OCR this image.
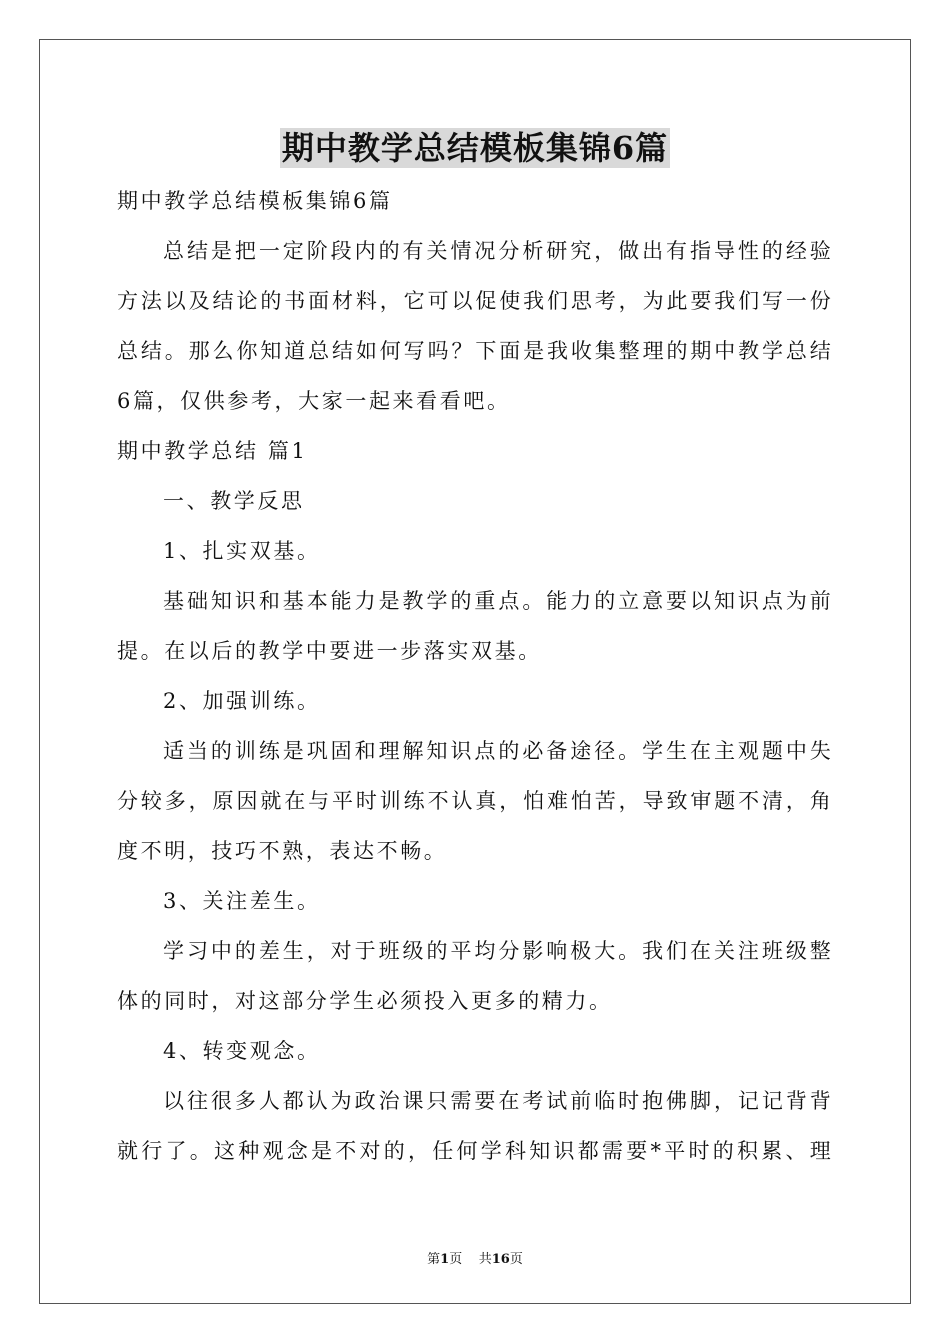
期中教学总结模板集锦6篇
期中教学总结模板集锦6篇
总结是把一定阶段内的有关情况分析研究，做出有指导性的经验
方法以及结论的书面材料，它可以促使我们思考，为此要我们写一份
总结。那么你知道总结如何写吗？下面是我收集整理的期中教学总结
6篇，仅供参考，大家一起来看看吧。
期中教学总结 篇1
一、教学反思
1、扎实双基。
基础知识和基本能力是教学的重点。能力的立意要以知识点为前
提。在以后的教学中要进一步落实双基。
2、加强训练。
适当的训练是巩固和理解知识点的必备途径。学生在主观题中失
分较多，原因就在与平时训练不认真，怕难怕苦，导致审题不清，角
度不明，技巧不熟，表达不畅。
3、关注差生。
学习中的差生，对于班级的平均分影响极大。我们在关注班级整
体的同时，对这部分学生必须投入更多的精力。
4、转变观念。
以往很多人都认为政治课只需要在考试前临时抱佛脚，记记背背
就行了。这种观念是不对的，任何学科知识都需要*平时的积累、理
第1页 共16页
